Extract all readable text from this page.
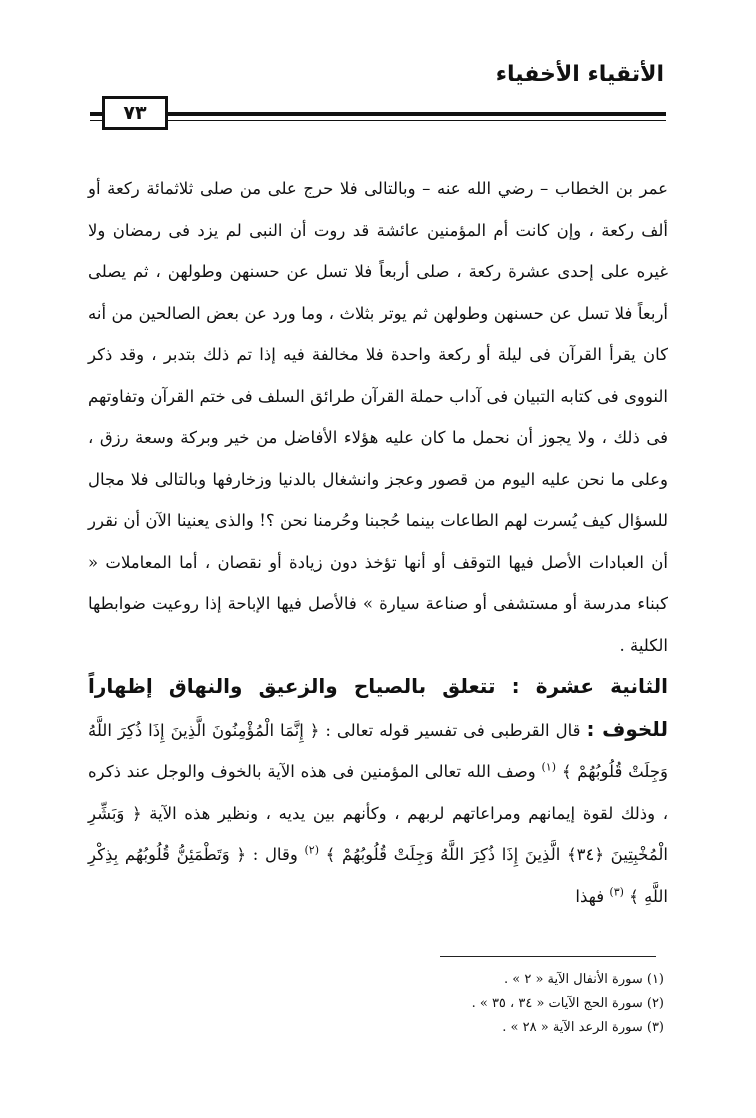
الأتقياء الأخفياء
٧٣

عمر بن الخطاب – رضي الله عنه – وبالتالى فلا حرج على من صلى ثلاثمائة ركعة أو ألف ركعة ، وإن كانت أم المؤمنين عائشة قد روت أن النبى لم يزد فى رمضان ولا غيره على إحدى عشرة ركعة ، صلى أربعاً فلا تسل عن حسنهن وطولهن ، ثم يصلى أربعاً فلا تسل عن حسنهن وطولهن ثم يوتر بثلاث ، وما ورد عن بعض الصالحين من أنه كان يقرأ القرآن فى ليلة أو ركعة واحدة فلا مخالفة فيه إذا تم ذلك بتدبر ، وقد ذكر النووى فى كتابه التبيان فى آداب حملة القرآن طرائق السلف فى ختم القرآن وتفاوتهم فى ذلك ، ولا يجوز أن نحمل ما كان عليه هؤلاء الأفاضل من خير وبركة وسعة رزق ، وعلى ما نحن عليه اليوم من قصور وعجز وانشغال بالدنيا وزخارفها وبالتالى فلا مجال للسؤال كيف يُسرت لهم الطاعات بينما حُجبنا وحُرمنا نحن ؟! والذى يعنينا الآن أن نقرر أن العبادات الأصل فيها التوقف أو أنها تؤخذ دون زيادة أو نقصان ، أما المعاملات « كبناء مدرسة أو مستشفى أو صناعة سيارة » فالأصل فيها الإباحة إذا روعيت ضوابطها الكلية .

الثانية عشرة : تتعلق بالصياح والزعيق والنهاق إظهاراً للخوف : قال القرطبى فى تفسير قوله تعالى : ﴿ إِنَّمَا الْمُؤْمِنُونَ الَّذِينَ إِذَا ذُكِرَ اللَّهُ وَجِلَتْ قُلُوبُهُمْ ﴾ $^{(١)}$ وصف الله تعالى المؤمنين فى هذه الآية بالخوف والوجل عند ذكره ، وذلك لقوة إيمانهم ومراعاتهم لربهم ، وكأنهم بين يديه ، ونظير هذه الآية ﴿ وَبَشِّرِ الْمُخْبِتِينَ ﴿٣٤﴾ الَّذِينَ إِذَا ذُكِرَ اللَّهُ وَجِلَتْ قُلُوبُهُمْ ﴾ $^{(٢)}$ وقال : ﴿ وَتَطْمَئِنُّ قُلُوبُهُم بِذِكْرِ اللَّهِ ﴾ $^{(٣)}$ فهذا

(١) سورة الأنفال الآية « ٢ » .
(٢) سورة الحج الآيات « ٣٤ ، ٣٥ » .
(٣) سورة الرعد الآية « ٢٨ » .
